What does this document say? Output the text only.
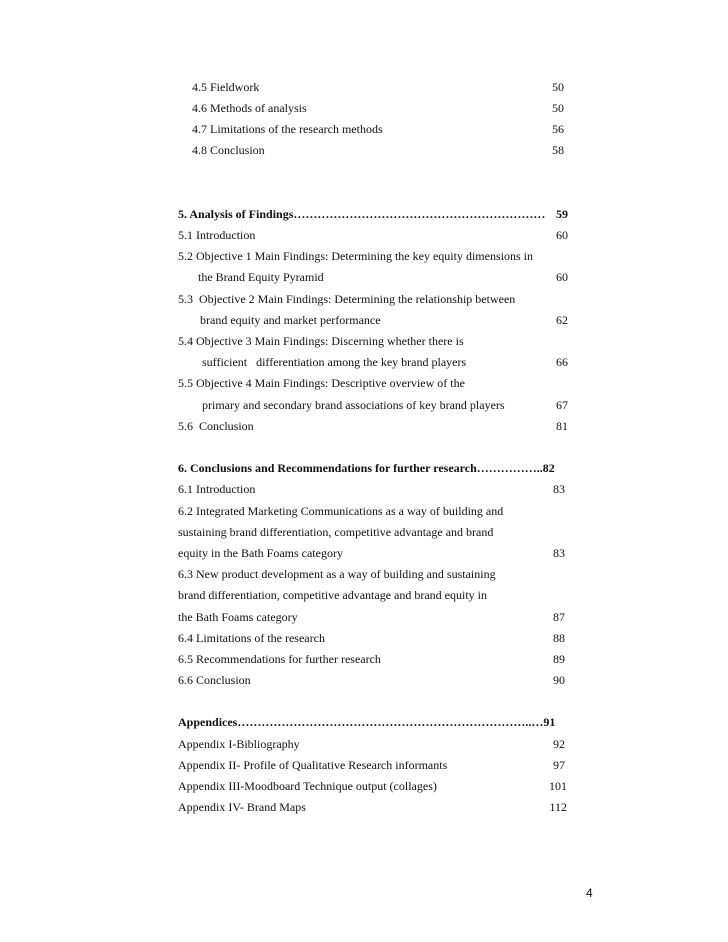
4.5 Fieldwork	50
4.6 Methods of analysis	50
4.7 Limitations of the research methods	56
4.8 Conclusion	58
5. Analysis of Findings……………………………………………………… 59
5.1 Introduction	60
5.2 Objective 1 Main Findings: Determining the key equity dimensions in
the Brand Equity Pyramid	60
5.3  Objective 2 Main Findings: Determining the relationship between
brand equity and market performance	62
5.4 Objective 3 Main Findings: Discerning whether there is
sufficient   differentiation among the key brand players	66
5.5 Objective 4 Main Findings: Descriptive overview of the
primary and secondary brand associations of key brand players	67
5.6  Conclusion	81
6. Conclusions and Recommendations for further research……………..82
6.1 Introduction	83
6.2 Integrated Marketing Communications as a way of building and
sustaining brand differentiation, competitive advantage and brand
equity in the Bath Foams category	83
6.3 New product development as a way of building and sustaining
brand differentiation, competitive advantage and brand equity in
the Bath Foams category	87
6.4 Limitations of the research	88
6.5 Recommendations for further research	89
6.6 Conclusion	90
Appendices………………………………………………………………..…91
Appendix I-Bibliography	92
Appendix II- Profile of Qualitative Research informants	97
Appendix III-Moodboard Technique output (collages)	101
Appendix IV- Brand Maps	112
4
